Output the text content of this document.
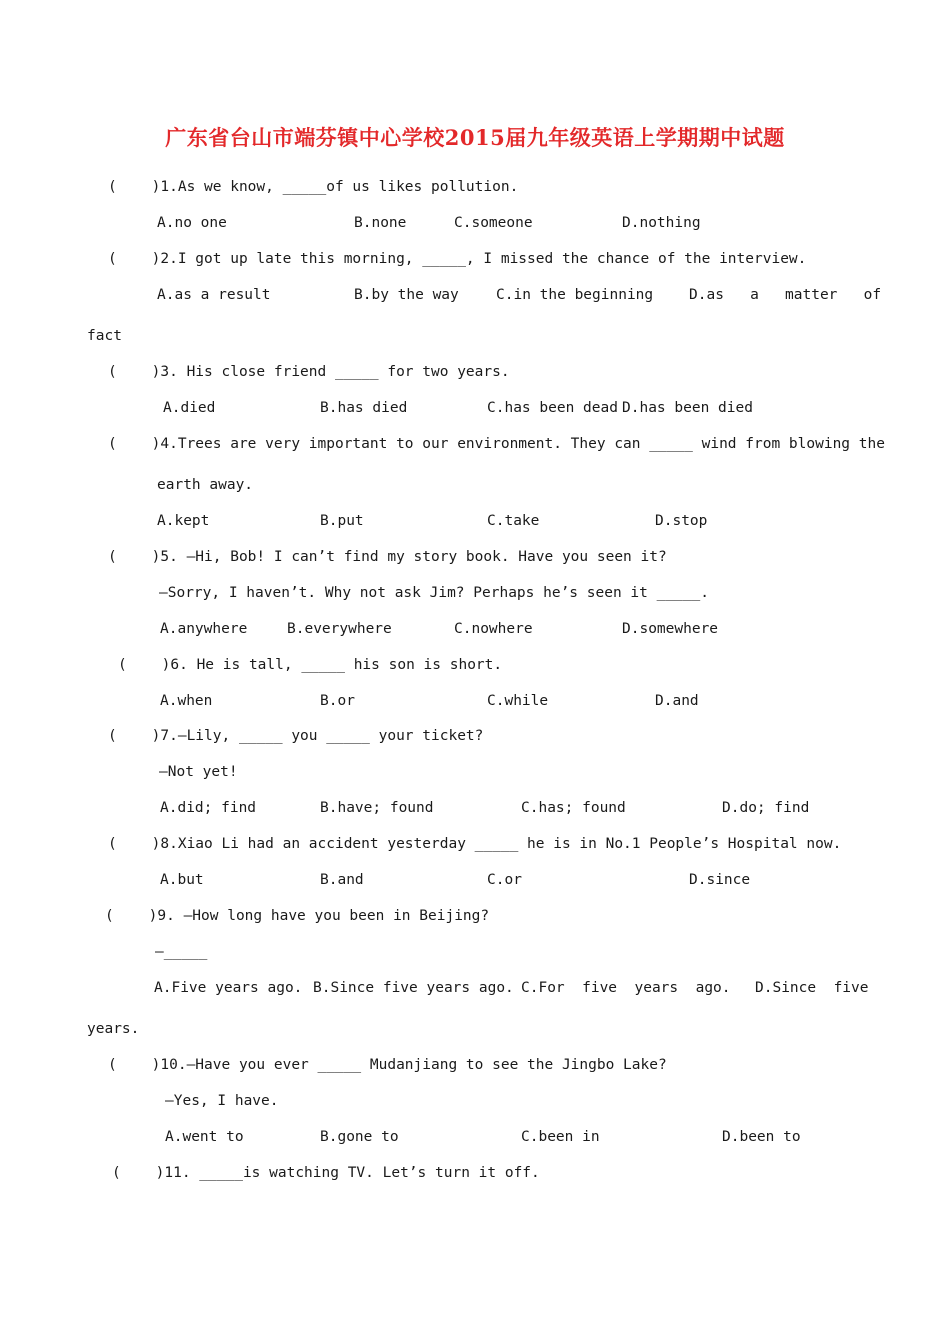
广东省台山市端芬镇中心学校2015届九年级英语上学期期中试题
(    )1.As we know, _____of us likes pollution.
A.no one	B.none	C.someone	D.nothing
(    )2.I got up late this morning, _____, I missed the chance of the interview.
A.as a result	B.by the way	C.in the beginning D.as   a   matter   of
fact
(    )3. His close friend _____ for two years.
A.died	B.has died	C.has been dead D.has been died
(    )4.Trees are very important to our environment. They can _____ wind from blowing the
earth away.
A.kept	B.put	C.take	D.stop
(    )5. —Hi, Bob! I can’t find my story book. Have you seen it?
—Sorry, I haven’t. Why not ask Jim? Perhaps he’s seen it _____.
A.anywhere	B.everywhere	C.nowhere	D.somewhere
(    )6. He is tall, _____ his son is short.
A.when	B.or	C.while	D.and
(    )7.—Lily, _____ you _____ your ticket?
—Not yet!
A.did; find	B.have; found	C.has; found	D.do; find
(    )8.Xiao Li had an accident yesterday _____ he is in No.1 People’s Hospital now.
A.but	B.and	C.or	D.since
(    )9. —How long have you been in Beijing?
—_____
A.Five years ago. B.Since five years ago. C.For  five  years  ago. D.Since  five
years.
(    )10.—Have you ever _____ Mudanjiang to see the Jingbo Lake?
—Yes, I have.
A.went to	B.gone to	C.been in	D.been to
(    )11. _____is watching TV. Let’s turn it off.
